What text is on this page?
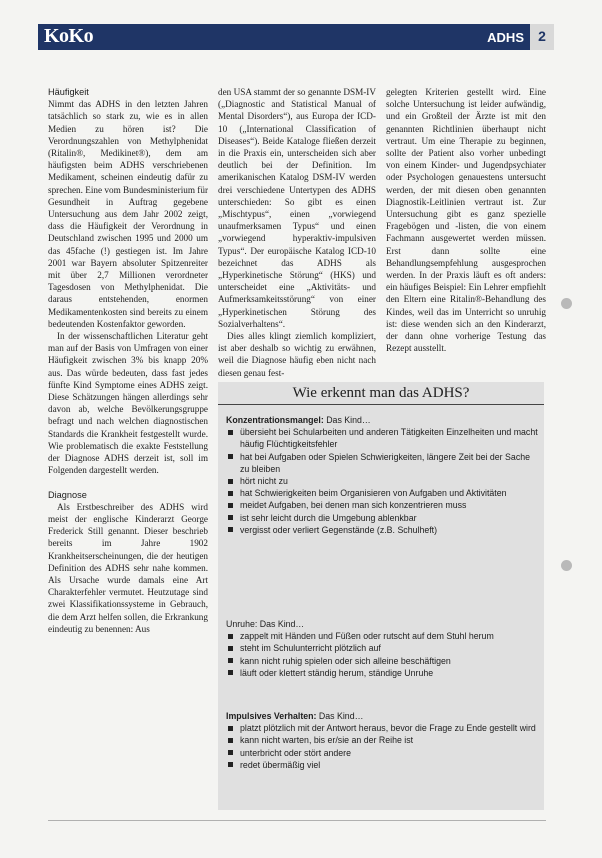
KoKo	ADHS	2

Häufigkeit

Nimmt das ADHS in den letzten Jahren tatsächlich so stark zu, wie es in allen Medien zu hören ist? Die Verordnungszahlen von Methylphenidat (Ritalin®, Medikinet®), dem am häufigsten beim ADHS verschriebenen Medikament, scheinen eindeutig dafür zu sprechen. Eine vom Bundesministerium für Gesundheit in Auftrag gegebene Untersuchung aus dem Jahr 2002 zeigt, dass die Häufigkeit der Verordnung in Deutschland zwischen 1995 und 2000 um das 45fache (!) gestiegen ist. Im Jahre 2001 war Bayern absoluter Spitzenreiter mit über 2,7 Millionen verordneter Tagesdosen von Methylphenidat. Die daraus entstehenden, enormen Medikamentenkosten sind bereits zu einem bedeutenden Kostenfaktor geworden.

In der wissenschaftlichen Literatur geht man auf der Basis von Umfragen von einer Häufigkeit zwischen 3% bis knapp 20% aus. Das würde bedeuten, dass fast jedes fünfte Kind Symptome eines ADHS zeigt. Diese Schätzungen hängen allerdings sehr davon ab, welche Bevölkerungsgruppe befragt und nach welchen diagnostischen Standards die Krankheit festgestellt wurde. Wie problematisch die exakte Feststellung der Diagnose ADHS derzeit ist, soll im Folgenden dargestellt werden.

Diagnose

Als Erstbeschreiber des ADHS wird meist der englische Kinderarzt George Frederick Still genannt. Dieser beschrieb bereits im Jahre 1902 Krankheitserscheinungen, die der heutigen Definition des ADHS sehr nahe kommen. Als Ursache wurde damals eine Art Charakterfehler vermutet. Heutzutage sind zwei Klassifikationssysteme in Gebrauch, die dem Arzt helfen sollen, die Erkrankung eindeutig zu benennen: Aus

den USA stammt der so genannte DSM-IV („Diagnostic and Statistical Manual of Mental Disorders“), aus Europa der ICD-10 („International Classification of Diseases“). Beide Kataloge fließen derzeit in die Praxis ein, unterscheiden sich aber deutlich bei der Definition. Im amerikanischen Katalog DSM-IV werden drei verschiedene Untertypen des ADHS unterschieden: So gibt es einen „Mischtypus“, einen „vorwiegend unaufmerksamen Typus“ und einen „vorwiegend hyperaktiv-impulsiven Typus“. Der europäische Katalog ICD-10 bezeichnet das ADHS als „Hyperkinetische Störung“ (HKS) und unterscheidet eine „Aktivitäts- und Aufmerksamkeitsstörung“ von einer „Hyperkinetischen Störung des Sozialverhaltens“.

Dies alles klingt ziemlich kompliziert, ist aber deshalb so wichtig zu erwähnen, weil die Diagnose häufig eben nicht nach diesen genau fest-

gelegten Kriterien gestellt wird. Eine solche Untersuchung ist leider aufwändig, und ein Großteil der Ärzte ist mit den genannten Richtlinien überhaupt nicht vertraut. Um eine Therapie zu beginnen, sollte der Patient also vorher unbedingt von einem Kinder- und Jugendpsychiater oder Psychologen genauestens untersucht werden, der mit diesen oben genannten Diagnostik-Leitlinien vertraut ist. Zur Untersuchung gibt es ganz spezielle Fragebögen und -listen, die von einem Fachmann ausgewertet werden müssen. Erst dann sollte eine Behandlungsempfehlung ausgesprochen werden. In der Praxis läuft es oft anders: ein häufiges Beispiel: Ein Lehrer empfiehlt den Eltern eine Ritalin®-Behandlung des Kindes, weil das im Unterricht so unruhig ist: diese wenden sich an den Kinderarzt, der dann ohne vorherige Testung das Rezept ausstellt.

Wie erkennt man das ADHS?

Konzentrationsmangel: Das Kind…

übersieht bei Schularbeiten und anderen Tätigkeiten Einzelheiten und macht häufig Flüchtigkeitsfehler
hat bei Aufgaben oder Spielen Schwierigkeiten, längere Zeit bei der Sache zu bleiben
hört nicht zu
hat Schwierigkeiten beim Organisieren von Aufgaben und Aktivitäten
meidet Aufgaben, bei denen man sich konzentrieren muss
ist sehr leicht durch die Umgebung ablenkbar
vergisst oder verliert Gegenstände (z.B. Schulheft)

Unruhe: Das Kind…

zappelt mit Händen und Füßen oder rutscht auf dem Stuhl herum
steht im Schulunterricht plötzlich auf
kann nicht ruhig spielen oder sich alleine beschäftigen
läuft oder klettert ständig herum, ständige Unruhe

Impulsives Verhalten: Das Kind…

platzt plötzlich mit der Antwort heraus, bevor die Frage zu Ende gestellt wird
kann nicht warten, bis er/sie an der Reihe ist
unterbricht oder stört andere
redet übermäßig viel
